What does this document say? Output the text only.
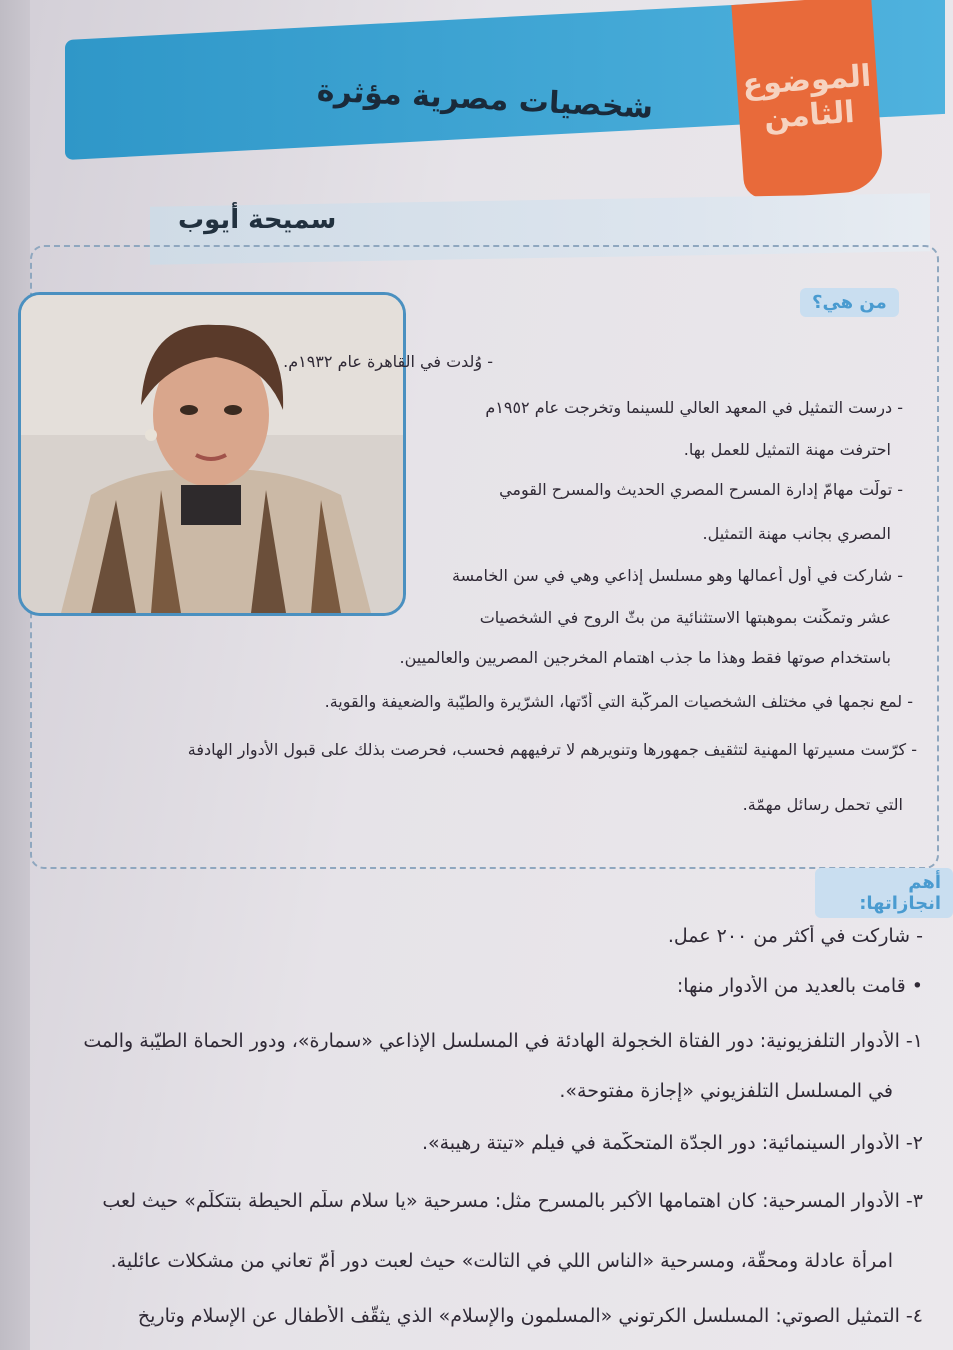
شخصيات مصرية مؤثرة	الموضوع
الثامن
سميحة أيوب
من هي؟
- وُلدت في القاهرة عام ١٩٣٢م.
- درست التمثيل في المعهد العالي للسينما وتخرجت عام ١٩٥٢م
احترفت مهنة التمثيل للعمل بها.
- تولّت مهامّ إدارة المسرح المصري الحديث والمسرح القومي
المصري بجانب مهنة التمثيل.
- شاركت في أول أعمالها وهو مسلسل إذاعي وهي في سن الخامسة
عشر وتمكّنت بموهبتها الاستثنائية من بثّ الروح في الشخصيات
باستخدام صوتها فقط وهذا ما جذب اهتمام المخرجين المصريين والعالميين.
- لمع نجمها في مختلف الشخصيات المركّبة التي أدّتها، الشرّيرة والطيّبة والضعيفة والقوية.
- كرّست مسيرتها المهنية لتثقيف جمهورها وتنويرهم لا ترفيههم فحسب، فحرصت بذلك على قبول الأدوار الهادفة
التي تحمل رسائل مهمّة.
أهم انجازاتها:
- شاركت في أكثر من ٢٠٠ عمل.
• قامت بالعديد من الأدوار منها:
١- الأدوار التلفزيونية: دور الفتاة الخجولة الهادئة في المسلسل الإذاعي «سمارة»، ودور الحماة الطيّبة والمت
في المسلسل التلفزيوني «إجازة مفتوحة».
٢- الأدوار السينمائية: دور الجدّة المتحكّمة في فيلم «تيتة رهيبة».
٣- الأدوار المسرحية: كان اهتمامها الأكبر بالمسرح مثل: مسرحية «يا سلام سلّم الحيطة بتتكلّم» حيث لعب
امرأة عادلة ومحقّة، ومسرحية «الناس اللي في التالت» حيث لعبت دور أمّ تعاني من مشكلات عائلية.
٤- التمثيل الصوتي: المسلسل الكرتوني «المسلمون والإسلام» الذي يثقّف الأطفال عن الإسلام وتاريخ
